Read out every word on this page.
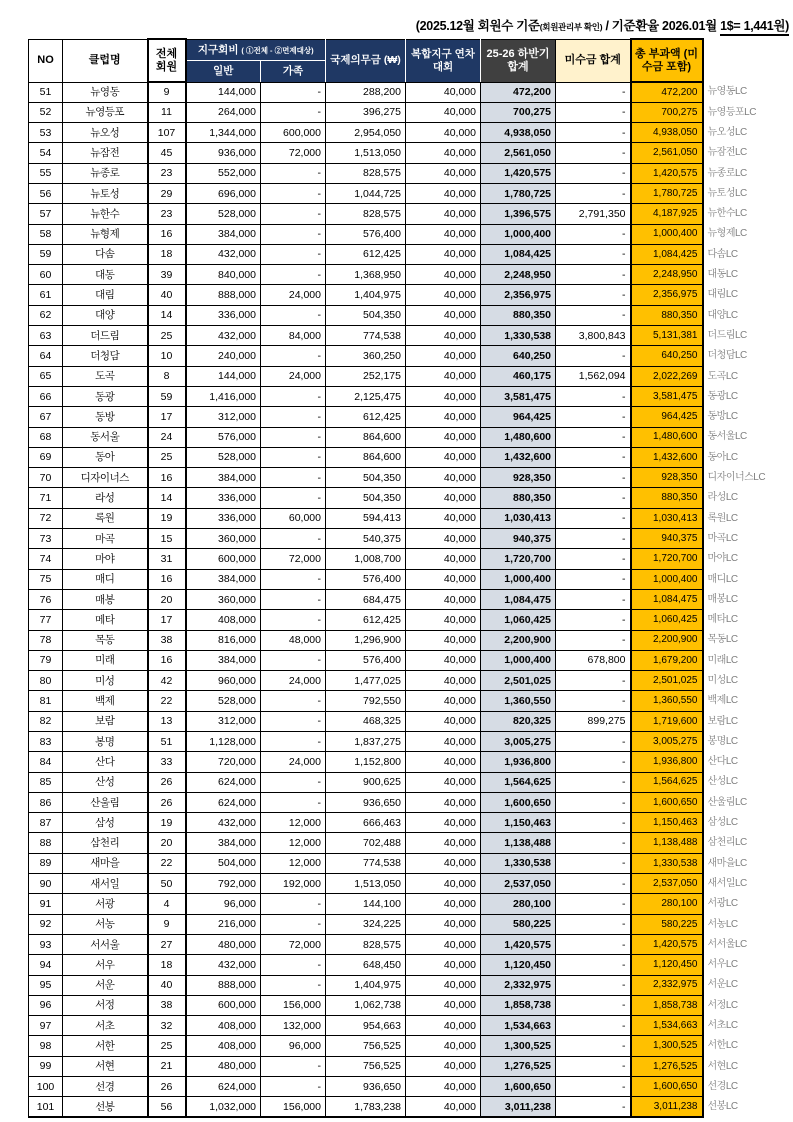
(2025.12월 회원수 기준(회원관리부 확인) / 기준환율 2026.01월 1$= 1,441원)
NO	클럽명	전체 회원	지구회비 ( ①전체 - ②면제대상)		국제의무금 (₩)	복합지구 연차대회	25-26 하반기 합계	미수금 합계	총 부과액 (미수금 포함)	
			일반	가족						
51	뉴영동	9	144,000	-	288,200	40,000	472,200	-	472,200	뉴영동LC
52	뉴영등포	11	264,000	-	396,275	40,000	700,275	-	700,275	뉴영등포LC
53	뉴오성	107	1,344,000	600,000	2,954,050	40,000	4,938,050	-	4,938,050	뉴오성LC
54	뉴잠전	45	936,000	72,000	1,513,050	40,000	2,561,050	-	2,561,050	뉴잠전LC
55	뉴종로	23	552,000	-	828,575	40,000	1,420,575	-	1,420,575	뉴종로LC
56	뉴토성	29	696,000	-	1,044,725	40,000	1,780,725	-	1,780,725	뉴토성LC
57	뉴한수	23	528,000	-	828,575	40,000	1,396,575	2,791,350	4,187,925	뉴한수LC
58	뉴형제	16	384,000	-	576,400	40,000	1,000,400	-	1,000,400	뉴형제LC
59	다솜	18	432,000	-	612,425	40,000	1,084,425	-	1,084,425	다솜LC
60	대동	39	840,000	-	1,368,950	40,000	2,248,950	-	2,248,950	대동LC
61	대림	40	888,000	24,000	1,404,975	40,000	2,356,975	-	2,356,975	대림LC
62	대양	14	336,000	-	504,350	40,000	880,350	-	880,350	대양LC
63	더드림	25	432,000	84,000	774,538	40,000	1,330,538	3,800,843	5,131,381	더드림LC
64	더청담	10	240,000	-	360,250	40,000	640,250	-	640,250	더청담LC
65	도곡	8	144,000	24,000	252,175	40,000	460,175	1,562,094	2,022,269	도곡LC
66	동광	59	1,416,000	-	2,125,475	40,000	3,581,475	-	3,581,475	동광LC
67	동방	17	312,000	-	612,425	40,000	964,425	-	964,425	동방LC
68	동서울	24	576,000	-	864,600	40,000	1,480,600	-	1,480,600	동서울LC
69	동아	25	528,000	-	864,600	40,000	1,432,600	-	1,432,600	동아LC
70	디자이너스	16	384,000	-	504,350	40,000	928,350	-	928,350	디자이너스LC
71	라성	14	336,000	-	504,350	40,000	880,350	-	880,350	라성LC
72	록원	19	336,000	60,000	594,413	40,000	1,030,413	-	1,030,413	록원LC
73	마곡	15	360,000	-	540,375	40,000	940,375	-	940,375	마곡LC
74	마야	31	600,000	72,000	1,008,700	40,000	1,720,700	-	1,720,700	마야LC
75	매디	16	384,000	-	576,400	40,000	1,000,400	-	1,000,400	매디LC
76	매봉	20	360,000	-	684,475	40,000	1,084,475	-	1,084,475	매봉LC
77	메타	17	408,000	-	612,425	40,000	1,060,425	-	1,060,425	메타LC
78	목동	38	816,000	48,000	1,296,900	40,000	2,200,900	-	2,200,900	목동LC
79	미래	16	384,000	-	576,400	40,000	1,000,400	678,800	1,679,200	미래LC
80	미성	42	960,000	24,000	1,477,025	40,000	2,501,025	-	2,501,025	미성LC
81	백제	22	528,000	-	792,550	40,000	1,360,550	-	1,360,550	백제LC
82	보람	13	312,000	-	468,325	40,000	820,325	899,275	1,719,600	보람LC
83	봉명	51	1,128,000	-	1,837,275	40,000	3,005,275	-	3,005,275	봉명LC
84	산다	33	720,000	24,000	1,152,800	40,000	1,936,800	-	1,936,800	산다LC
85	산성	26	624,000	-	900,625	40,000	1,564,625	-	1,564,625	산성LC
86	산울림	26	624,000	-	936,650	40,000	1,600,650	-	1,600,650	산울림LC
87	삼성	19	432,000	12,000	666,463	40,000	1,150,463	-	1,150,463	삼성LC
88	삼천리	20	384,000	12,000	702,488	40,000	1,138,488	-	1,138,488	삼천리LC
89	새마을	22	504,000	12,000	774,538	40,000	1,330,538	-	1,330,538	새마을LC
90	새서일	50	792,000	192,000	1,513,050	40,000	2,537,050	-	2,537,050	새서일LC
91	서광	4	96,000	-	144,100	40,000	280,100	-	280,100	서광LC
92	서농	9	216,000	-	324,225	40,000	580,225	-	580,225	서농LC
93	서서울	27	480,000	72,000	828,575	40,000	1,420,575	-	1,420,575	서서울LC
94	서우	18	432,000	-	648,450	40,000	1,120,450	-	1,120,450	서우LC
95	서운	40	888,000	-	1,404,975	40,000	2,332,975	-	2,332,975	서운LC
96	서정	38	600,000	156,000	1,062,738	40,000	1,858,738	-	1,858,738	서정LC
97	서초	32	408,000	132,000	954,663	40,000	1,534,663	-	1,534,663	서초LC
98	서한	25	408,000	96,000	756,525	40,000	1,300,525	-	1,300,525	서한LC
99	서현	21	480,000	-	756,525	40,000	1,276,525	-	1,276,525	서현LC
100	선경	26	624,000	-	936,650	40,000	1,600,650	-	1,600,650	선경LC
101	선봉	56	1,032,000	156,000	1,783,238	40,000	3,011,238	-	3,011,238	선봉LC
